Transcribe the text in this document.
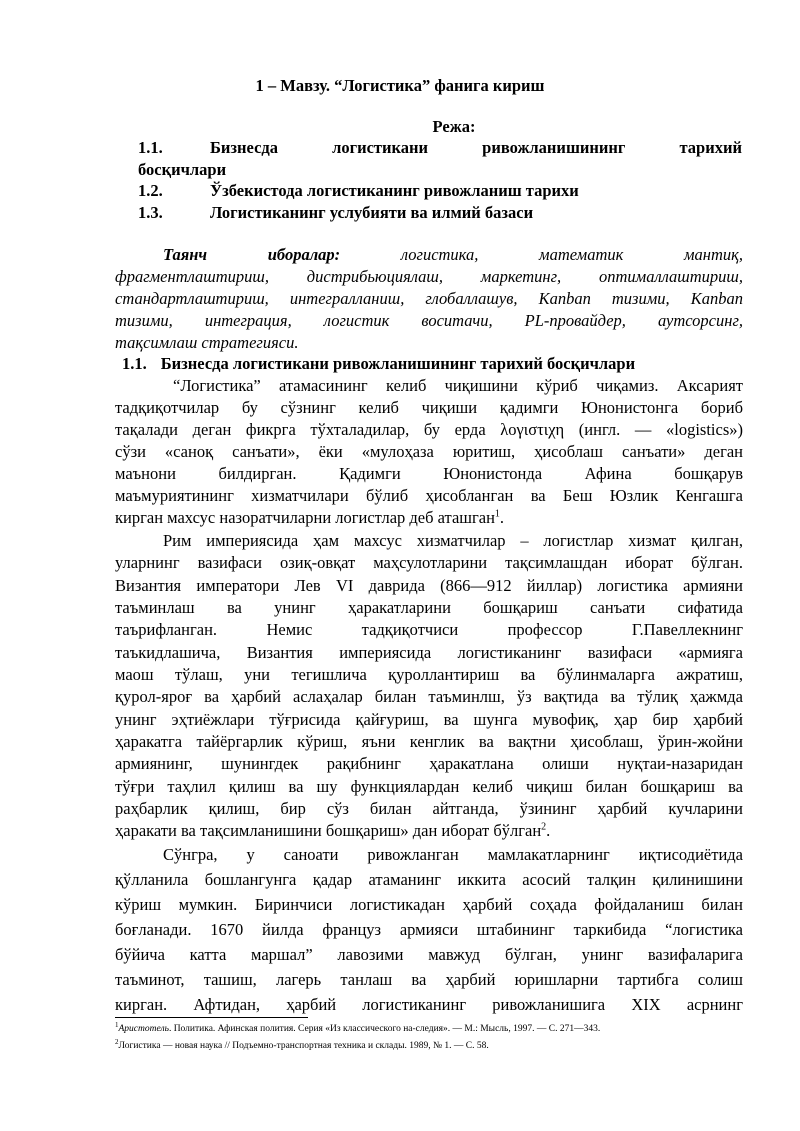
1 – Мавзу. “Логистика” фанига кириш
Режа:
1.1.	Бизнесда логистикани ривожланишининг тарихий
босқичлари
1.2.	Ўзбекистода логистиканинг ривожланиш тарихи
1.3.	Логистиканинг услубияти ва илмий базаси
Таянч иборалар:	логистика, математик мантиқ,
фрагментлаштириш, дистрибьюциялаш, маркетинг, оптималлаштириш,
стандартлаштириш, интегралланиш, глобаллашув, Kanban тизими, Kanban
тизими, интеграция, логистик воситачи, PL-провайдер, аутсорсинг,
тақсимлаш стратегияси.
1.1. Бизнесда логистикани ривожланишининг тарихий босқичлари
“Логистика” атамасининг келиб чиқишини кўриб чиқамиз. Аксарият
тадқиқотчилар бу сўзнинг келиб чиқиши қадимги Юнонистонга бориб
тақалади деган фикрга тўхталадилар, бу ерда λογιστιχη (ингл. — «logistics»)
сўзи «саноқ санъати», ёки «мулоҳаза юритиш, ҳисоблаш санъати» деган
маънони билдирган. Қадимги Юнонистонда Афина бошқарув
маъмуриятининг хизматчилари бўлиб ҳисобланган ва Беш Юзлик Кенгашга
кирган махсус назоратчиларни логистлар деб аташган$^1$.
Рим империясида ҳам махсус хизматчилар – логистлар хизмат қилган,
уларнинг вазифаси озиқ-овқат маҳсулотларини тақсимлашдан иборат бўлган.
Византия императори Лев VI даврида (866—912 йиллар) логистика армияни
таъминлаш ва унинг ҳаракатларини бошқариш санъати сифатида
таърифланган. Немис тадқиқотчиси профессор Г.Павеллекнинг
таъкидлашича, Византия империясида логистиканинг вазифаси «армияга
маош тўлаш, уни тегишлича қуроллантириш ва бўлинмаларга ажратиш,
қурол-яроғ ва ҳарбий аслаҳалар билан таъминлш, ўз вақтида ва тўлиқ ҳажмда
унинг эҳтиёжлари тўғрисида қайғуриш, ва шунга мувофиқ, ҳар бир ҳарбий
ҳаракатга тайёргарлик кўриш, яъни кенглик ва вақтни ҳисоблаш, ўрин-жойни
армиянинг, шунингдек рақибнинг ҳаракатлана олиши нуқтаи-назаридан
тўғри таҳлил қилиш ва шу функциялардан келиб чиқиш билан бошқариш ва
раҳбарлик қилиш, бир сўз билан айтганда, ўзининг ҳарбий кучларини
ҳаракати ва тақсимланишини бошқариш» дан иборат бўлган$^2$.
Сўнгра, у саноати ривожланган мамлакатларнинг иқтисодиётида
қўлланила бошлангунга қадар атаманинг иккита асосий талқин қилинишини
кўриш мумкин. Биринчиси логистикадан ҳарбий соҳада фойдаланиш билан
боғланади. 1670 йилда француз армияси штабининг таркибида “логистика
бўйича катта маршал” лавозими мавжуд бўлган, унинг вазифаларига
таъминот, ташиш, лагерь танлаш ва ҳарбий юришларни тартибга солиш
кирган. Афтидан, ҳарбий логистиканинг ривожланишига XIX асрнинг
$^1$Аристотель. Политика. Афинская полития. Серия «Из классического на-следия». — М.: Мысль, 1997. — С. 271—343.
$^2$Логистика — новая наука // Подъемно-транспортная техника и склады. 1989, № 1. — С. 58.
